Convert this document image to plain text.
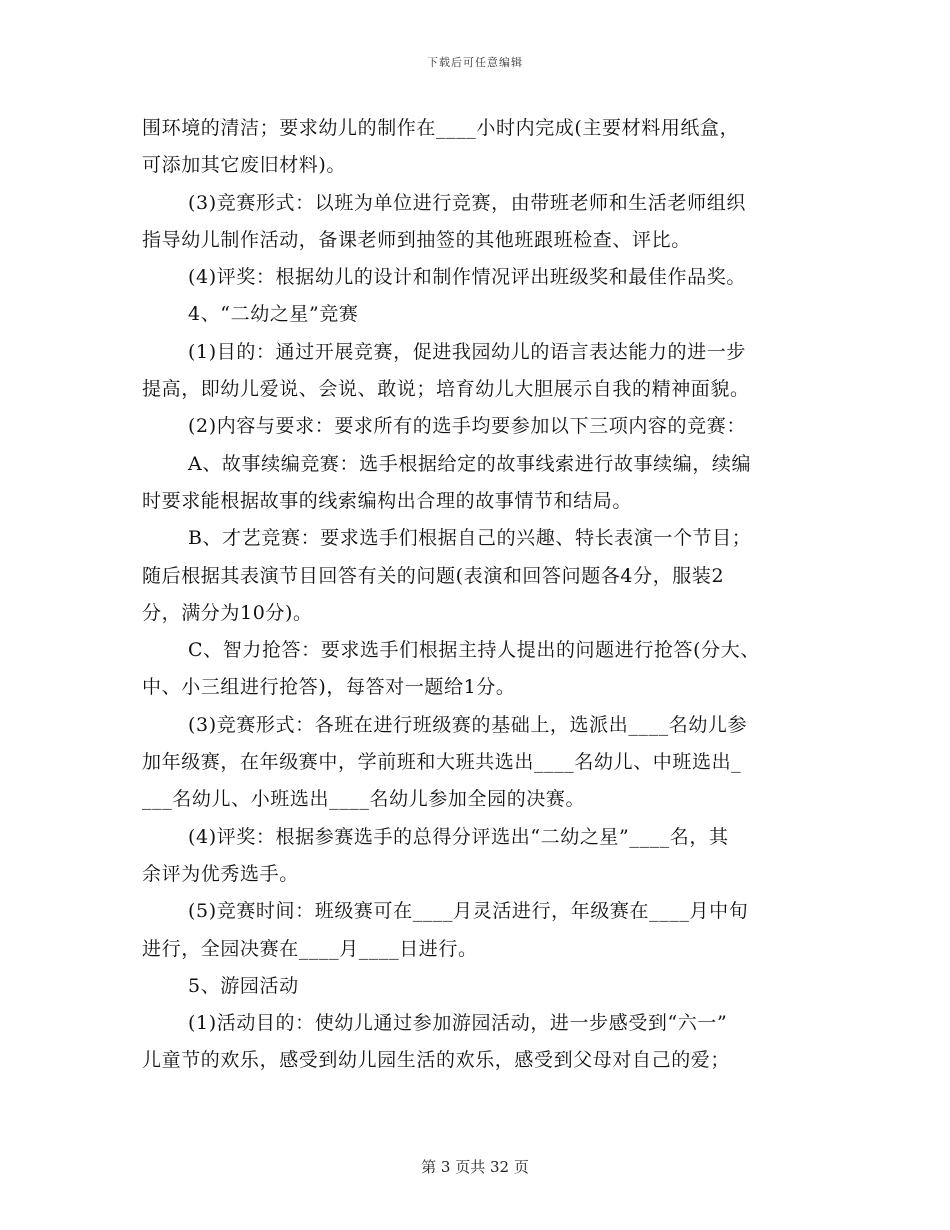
下载后可任意编辑
围环境的清洁；要求幼儿的制作在____小时内完成(主要材料用纸盒，
可添加其它废旧材料)。
(3)竞赛形式：以班为单位进行竞赛，由带班老师和生活老师组织
指导幼儿制作活动，备课老师到抽签的其他班跟班检查、评比。
(4)评奖：根据幼儿的设计和制作情况评出班级奖和最佳作品奖。
4、“二幼之星”竞赛
(1)目的：通过开展竞赛，促进我园幼儿的语言表达能力的进一步
提高，即幼儿爱说、会说、敢说；培育幼儿大胆展示自我的精神面貌。
(2)内容与要求：要求所有的选手均要参加以下三项内容的竞赛：
A、故事续编竞赛：选手根据给定的故事线索进行故事续编，续编
时要求能根据故事的线索编构出合理的故事情节和结局。
B、才艺竞赛：要求选手们根据自己的兴趣、特长表演一个节目；
随后根据其表演节目回答有关的问题(表演和回答问题各4分，服装2
分，满分为10分)。
C、智力抢答：要求选手们根据主持人提出的问题进行抢答(分大、
中、小三组进行抢答)，每答对一题给1分。
(3)竞赛形式：各班在进行班级赛的基础上，选派出____名幼儿参
加年级赛，在年级赛中，学前班和大班共选出____名幼儿、中班选出_
___名幼儿、小班选出____名幼儿参加全园的决赛。
(4)评奖：根据参赛选手的总得分评选出“二幼之星”____名，其
余评为优秀选手。
(5)竞赛时间：班级赛可在____月灵活进行，年级赛在____月中旬
进行，全园决赛在____月____日进行。
5、游园活动
(1)活动目的：使幼儿通过参加游园活动，进一步感受到“六一”
儿童节的欢乐，感受到幼儿园生活的欢乐，感受到父母对自己的爱；
第 3 页共 32 页
